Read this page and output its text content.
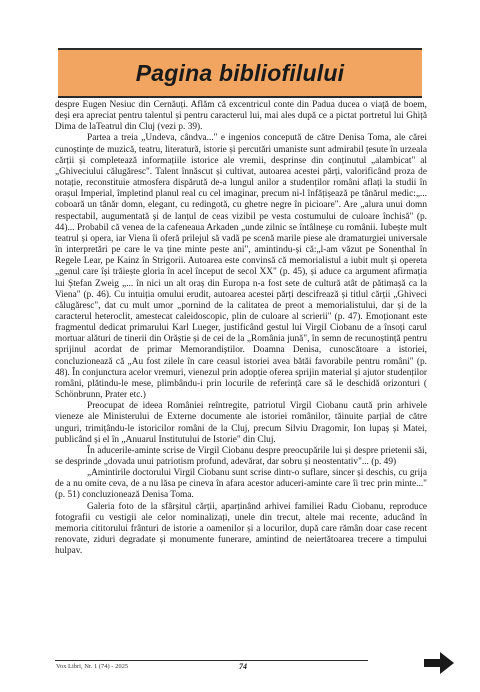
Pagina bibliofilului

despre Eugen Nesiuc din Cernăuți. Aflăm că excentricul conte din Padua ducea o viață de boem, deși era apreciat pentru talentul și pentru caracterul lui, mai ales după ce a pictat portretul lui Ghiță Dima de laTeatrul din Cluj (vezi p. 39).

Partea a treia „Undeva, cândva..." e ingenios concepută de către Denisa Toma, ale cărei cunoștințe de muzică, teatru, literatură, istorie și percutări umaniste sunt admirabil țesute în urzeala cărții și completează informațiile istorice ale vremii, desprinse din conținutul „alambicat" al „Ghiveciului călugăresc". Talent înnăscut și cultivat, autoarea acestei părți, valorificând proza de notație, reconstituie atmosfera dispărută de-a lungul anilor a studenților români aflați la studii în orașul Imperial, împletind planul real cu cel imaginar, precum ni-l înfățișează pe tânărul medic:„... coboară un tânăr domn, elegant, cu redingotă, cu ghetre negre în picioare". Are „alura unui domn respectabil, augumentată și de lanțul de ceas vizibil pe vesta costumului de culoare închisă" (p. 44)... Probabil că venea de la cafeneaua Arkaden „unde zilnic se întâlneșe cu românii. Iubește mult teatrul și opera, iar Viena îi oferă prilejul să vadă pe scenă marile piese ale dramaturgiei universale în interpretări pe care le va ține minte peste ani", amintindu-și că:„l-am văzut pe Sonenthal în Regele Lear, pe Kainz în Strigorii. Autoarea este convinsă că memorialistul a iubit mult și opereta „genul care își trăiește gloria în acel început de secol XX" (p. 45), și aduce ca argument afirmația lui Ștefan Zweig „... în nici un alt oraș din Europa n-a fost sete de cultură atât de pătimașă ca la Viena" (p. 46). Cu intuiția omului erudit, autoarea acestei părți descifrează și titlul cărții „Ghiveci călugăresc", dat cu mult umor „pornind de la calitatea de preot a memorialistului, dar și de la caracterul heteroclit, amestecat caleidoscopic, plin de culoare al scrierii" (p. 47). Emoționant este fragmentul dedicat primarului Karl Lueger, justificând gestul lui Virgil Ciobanu de a însoți carul mortuar alături de tinerii din Orăștie și de cei de la „România jună", în semn de recunoștință pentru sprijinul acordat de primar Memorandiștilor. Doamna Denisa, cunoscătoare a istoriei, concluzionează că „Au fost zilele în care ceasul istoriei avea bătăi favorabile pentru români" (p. 48). În conjunctura acelor vremuri, vienezul prin adopție oferea sprijin material și ajutor studenților români, plătindu-le mese, plimbându-i prin locurile de referință care să le deschidă orizonturi ( Schönbrunn, Prater etc.)

Preocupat de ideea României reîntregite, patriotul Virgil Ciobanu caută prin arhivele vieneze ale Ministerului de Externe documente ale istoriei românilor, tăinuite parțial de către unguri, trimițându-le istoricilor români de la Cluj, precum Silviu Dragomir, Ion lupaș și Matei, publicând și el în „Anuarul Institutului de Istorie" din Cluj.

În aducerile-aminte scrise de Virgil Ciobanu despre preocupările lui și despre prietenii săi, se desprinde „dovada unui patriotism profund, adevărat, dar sobru și neostentativ"... (p. 49)

„Amintirile doctorului Virgil Ciobanu sunt scrise dintr-o suflare, sincer și deschis, cu grija de a nu omite ceva, de a nu lăsa pe cineva în afara acestor aduceri-aminte care îi trec prin minte..." (p. 51) concluzionează Denisa Toma.

Galeria foto de la sfârșitul cărții, aparținând arhivei familiei Radu Ciobanu, reproduce fotografii cu vestigii ale celor nominalizați, unele din trecut, altele mai recente, aducând în memoria cititorului frânturi de istorie a oamenilor și a locurilor, după care rămân doar case recent renovate, ziduri degradate și monumente funerare, amintind de neiertătoarea trecere a timpului hulpav.

Vox Libri, Nr. 1 (74) - 2025	74
